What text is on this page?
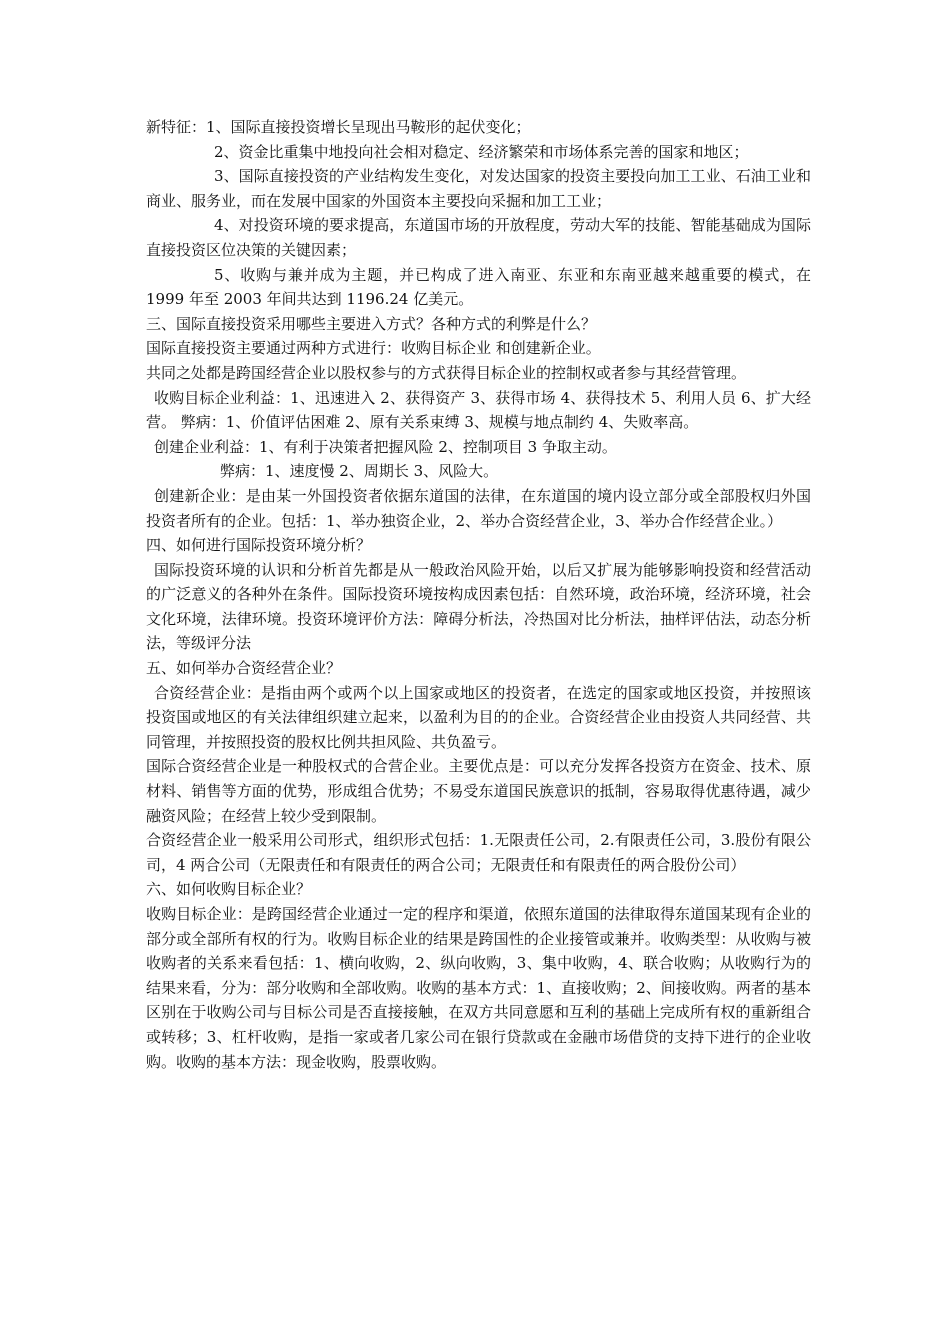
新特征：1、国际直接投资增长呈现出马鞍形的起伏变化；

2、资金比重集中地投向社会相对稳定、经济繁荣和市场体系完善的国家和地区；

3、国际直接投资的产业结构发生变化，对发达国家的投资主要投向加工工业、石油工业和商业、服务业，而在发展中国家的外国资本主要投向采掘和加工工业；

4、对投资环境的要求提高，东道国市场的开放程度，劳动大军的技能、智能基础成为国际直接投资区位决策的关键因素；

5、收购与兼并成为主题，并已构成了进入南亚、东亚和东南亚越来越重要的模式，在 1999 年至 2003 年间共达到 1196.24 亿美元。

三、国际直接投资采用哪些主要进入方式？各种方式的利弊是什么？

国际直接投资主要通过两种方式进行：收购目标企业 和创建新企业。

共同之处都是跨国经营企业以股权参与的方式获得目标企业的控制权或者参与其经营管理。

收购目标企业利益：1、迅速进入 2、获得资产 3、获得市场 4、获得技术 5、利用人员 6、扩大经营。 弊病：1、价值评估困难 2、原有关系束缚 3、规模与地点制约 4、失败率高。

创建企业利益：1、有利于决策者把握风险 2、控制项目 3 争取主动。

弊病：1、速度慢 2、周期长 3、风险大。

创建新企业：是由某一外国投资者依据东道国的法律，在东道国的境内设立部分或全部股权归外国投资者所有的企业。包括：1、举办独资企业，2、举办合资经营企业，3、举办合作经营企业。）

四、如何进行国际投资环境分析？

国际投资环境的认识和分析首先都是从一般政治风险开始，以后又扩展为能够影响投资和经营活动的广泛意义的各种外在条件。国际投资环境按构成因素包括：自然环境，政治环境，经济环境，社会文化环境，法律环境。投资环境评价方法：障碍分析法，冷热国对比分析法，抽样评估法，动态分析法，等级评分法

五、如何举办合资经营企业？

合资经营企业：是指由两个或两个以上国家或地区的投资者，在选定的国家或地区投资，并按照该投资国或地区的有关法律组织建立起来，以盈利为目的的企业。合资经营企业由投资人共同经营、共同管理，并按照投资的股权比例共担风险、共负盈亏。

国际合资经营企业是一种股权式的合营企业。主要优点是：可以充分发挥各投资方在资金、技术、原材料、销售等方面的优势，形成组合优势；不易受东道国民族意识的抵制，容易取得优惠待遇，减少融资风险；在经营上较少受到限制。

合资经营企业一般采用公司形式，组织形式包括：1.无限责任公司，2.有限责任公司，3.股份有限公司，4 两合公司（无限责任和有限责任的两合公司；无限责任和有限责任的两合股份公司）

六、如何收购目标企业？

收购目标企业：是跨国经营企业通过一定的程序和渠道，依照东道国的法律取得东道国某现有企业的部分或全部所有权的行为。收购目标企业的结果是跨国性的企业接管或兼并。收购类型：从收购与被收购者的关系来看包括：1、横向收购，2、纵向收购，3、集中收购，4、联合收购；从收购行为的结果来看，分为：部分收购和全部收购。收购的基本方式：1、直接收购；2、间接收购。两者的基本区别在于收购公司与目标公司是否直接接触，在双方共同意愿和互利的基础上完成所有权的重新组合或转移；3、杠杆收购，是指一家或者几家公司在银行贷款或在金融市场借贷的支持下进行的企业收购。收购的基本方法：现金收购，股票收购。
